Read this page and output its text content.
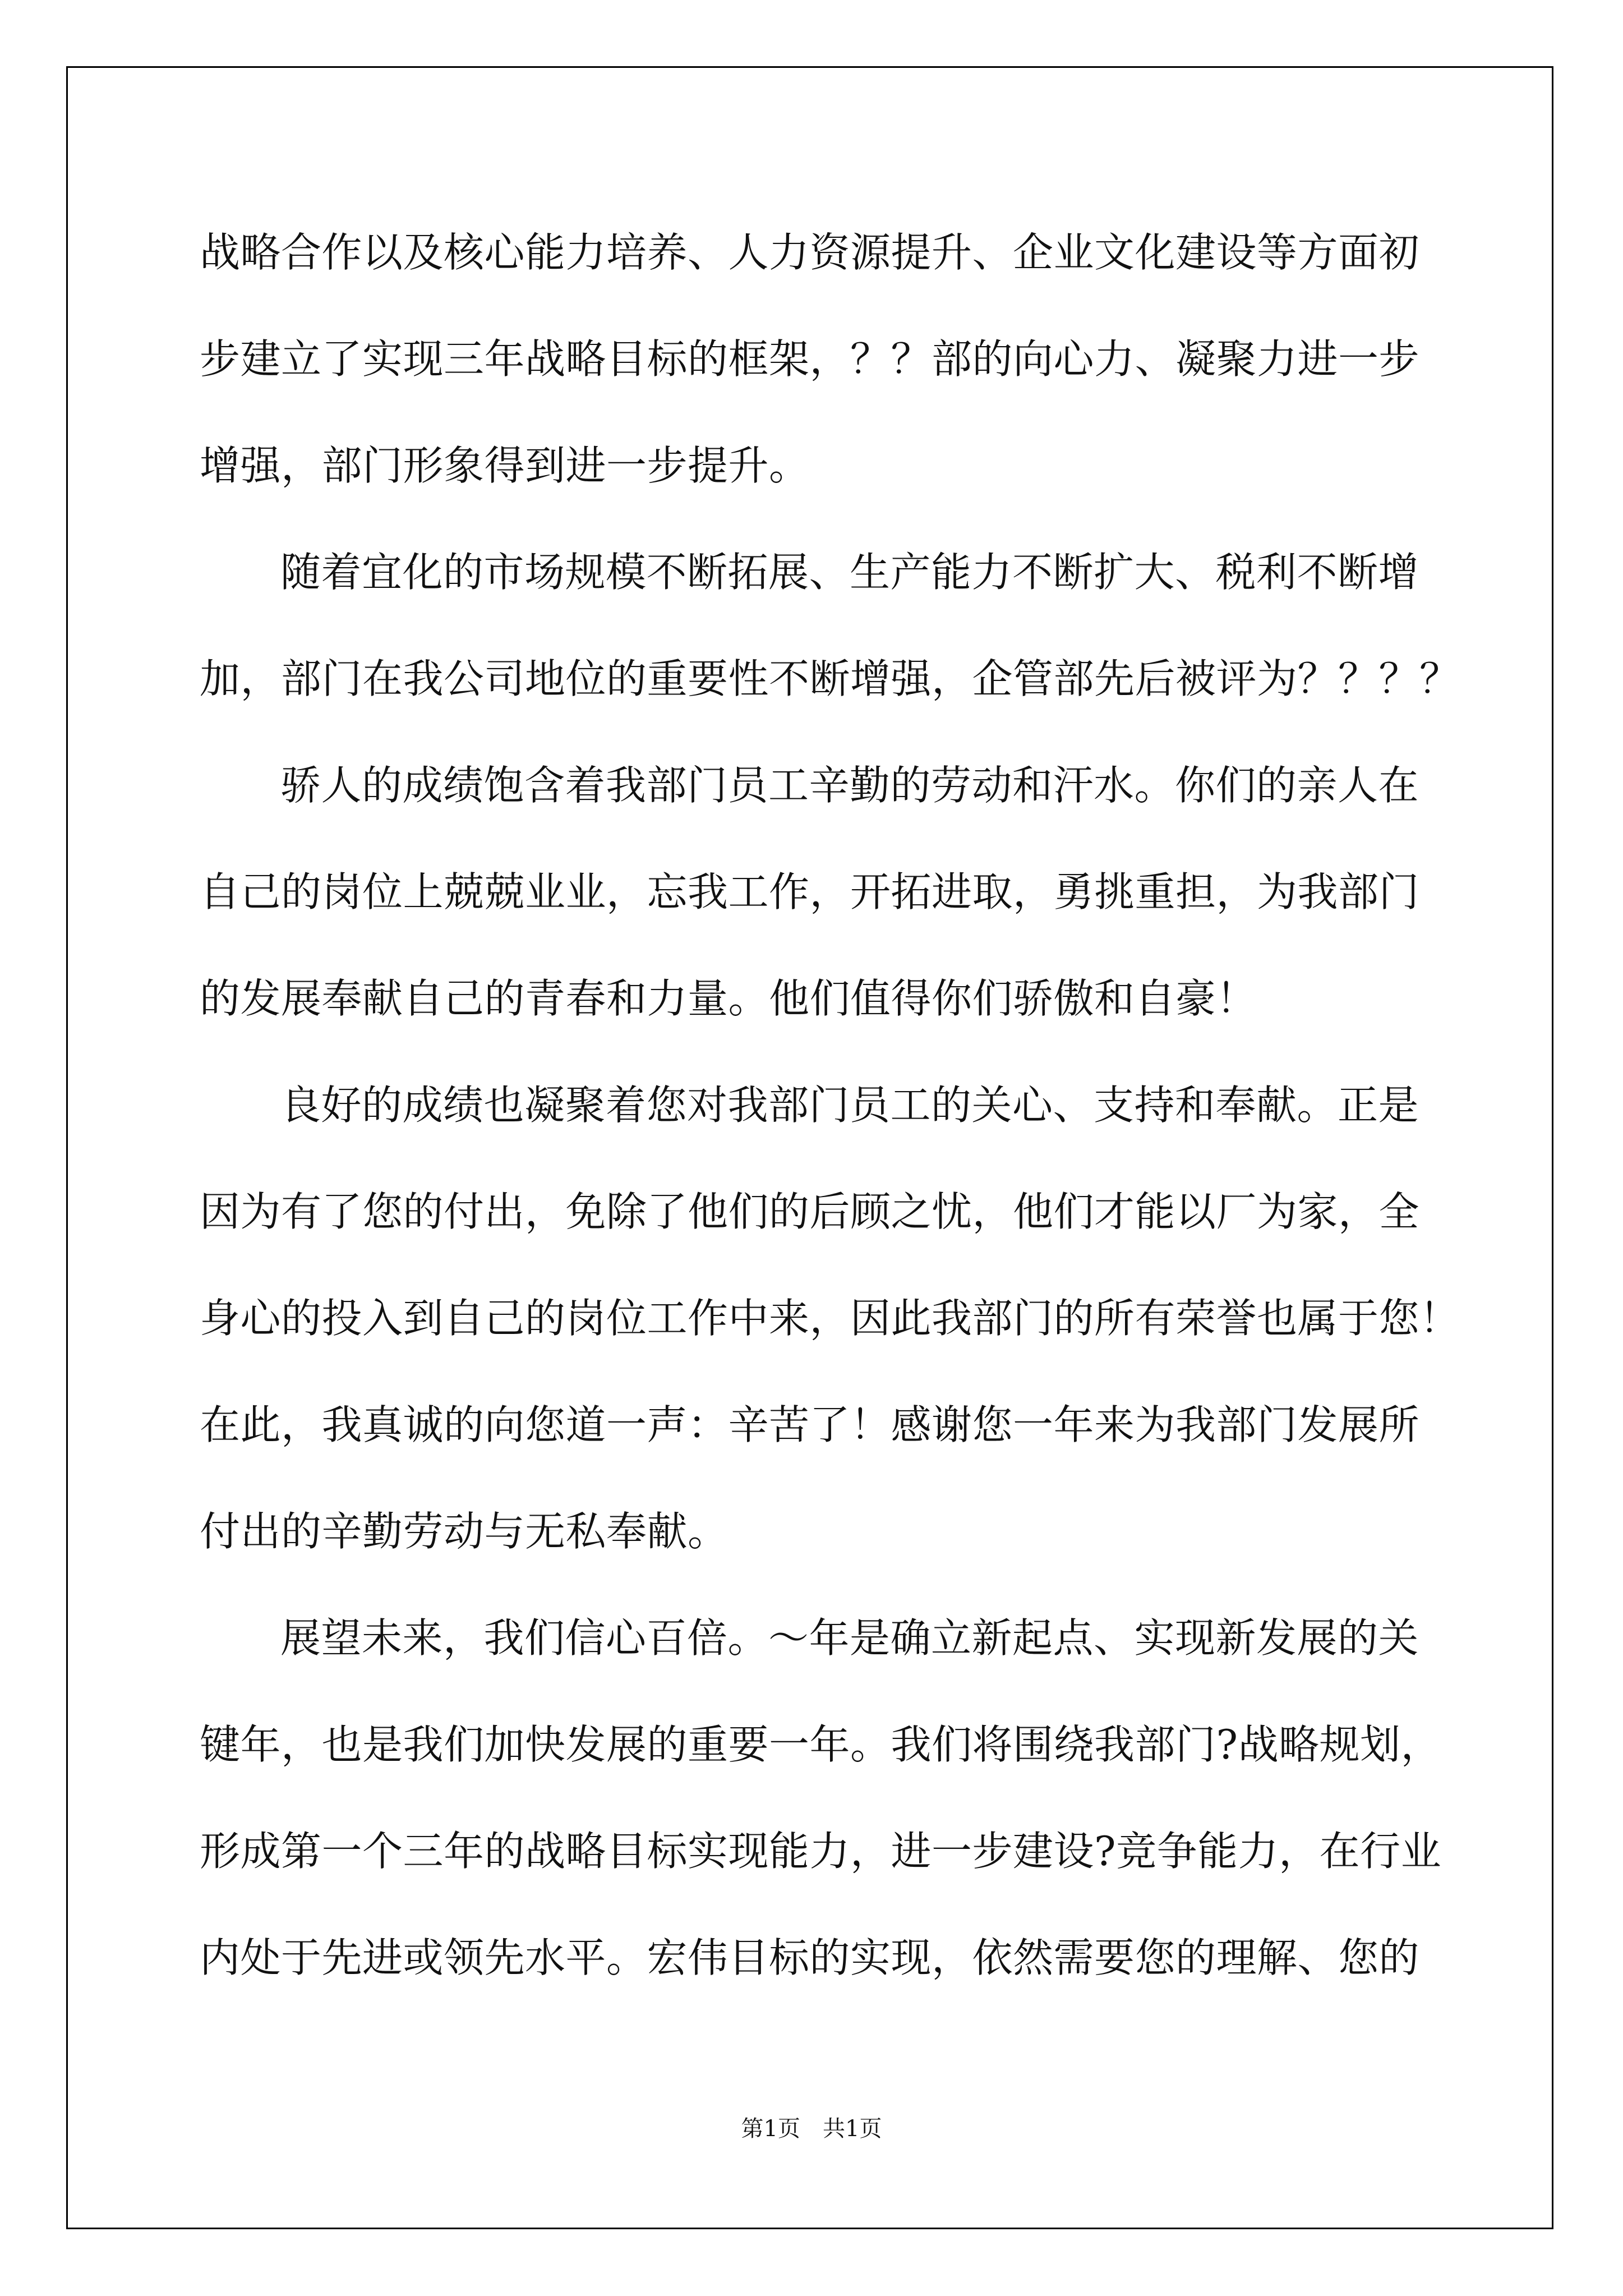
战略合作以及核心能力培养、人力资源提升、企业文化建设等方面初
步建立了实现三年战略目标的框架，？？部的向心力、凝聚力进一步
增强，部门形象得到进一步提升。
随着宜化的市场规模不断拓展、生产能力不断扩大、税利不断增
加，部门在我公司地位的重要性不断增强，企管部先后被评为？？？？
骄人的成绩饱含着我部门员工辛勤的劳动和汗水。你们的亲人在
自己的岗位上兢兢业业，忘我工作，开拓进取，勇挑重担，为我部门
的发展奉献自己的青春和力量。他们值得你们骄傲和自豪！
良好的成绩也凝聚着您对我部门员工的关心、支持和奉献。正是
因为有了您的付出，免除了他们的后顾之忧，他们才能以厂为家，全
身心的投入到自己的岗位工作中来，因此我部门的所有荣誉也属于您！
在此，我真诚的向您道一声：辛苦了！感谢您一年来为我部门发展所
付出的辛勤劳动与无私奉献。
展望未来，我们信心百倍。～年是确立新起点、实现新发展的关
键年，也是我们加快发展的重要一年。我们将围绕我部门?战略规划，
形成第一个三年的战略目标实现能力，进一步建设?竞争能力，在行业
内处于先进或领先水平。宏伟目标的实现，依然需要您的理解、您的
第1页　共1页
